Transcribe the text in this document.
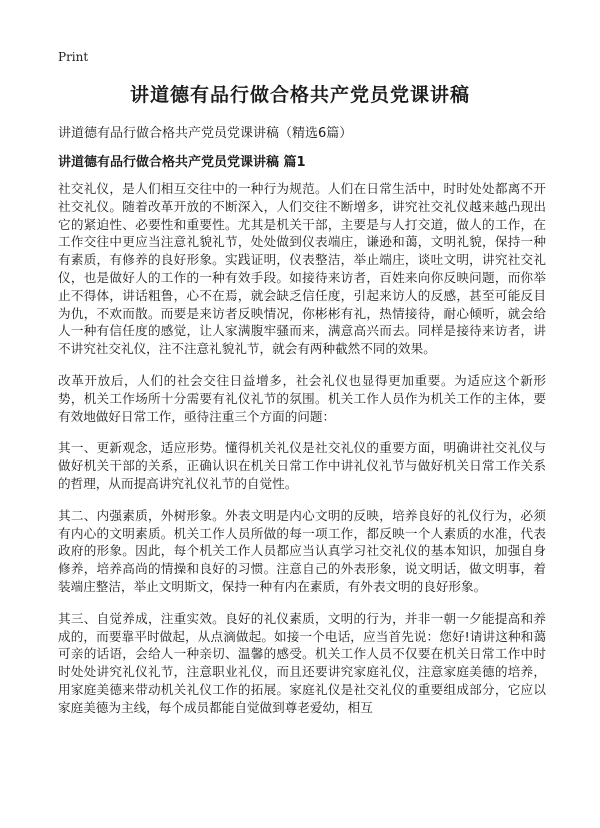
Print
讲道德有品行做合格共产党员党课讲稿

讲道德有品行做合格共产党员党课讲稿（精选6篇）

讲道德有品行做合格共产党员党课讲稿 篇1

社交礼仪，是人们相互交往中的一种行为规范。人们在日常生活中，时时处处都离不开社交礼仪。随着改革开放的不断深入，人们交往不断增多，讲究社交礼仪越来越凸现出它的紧迫性、必要性和重要性。尤其是机关干部，主要是与人打交道，做人的工作，在工作交往中更应当注意礼貌礼节，处处做到仪表端庄，谦逊和蔼，文明礼貌，保持一种有素质，有修养的良好形象。实践证明，仪表整洁，举止端庄，谈吐文明，讲究社交礼仪，也是做好人的工作的一种有效手段。如接待来访者，百姓来向你反映问题，而你举止不得体，讲话粗鲁，心不在焉，就会缺乏信任度，引起来访人的反感，甚至可能反目为仇，不欢而散。而要是来访者反映情况，你彬彬有礼，热情接待，耐心倾听，就会给人一种有信任度的感觉，让人家满腹牢骚而来，满意高兴而去。同样是接待来访者，讲不讲究社交礼仪，注不注意礼貌礼节，就会有两种截然不同的效果。

改革开放后，人们的社会交往日益增多，社会礼仪也显得更加重要。为适应这个新形势，机关工作场所十分需要有礼仪礼节的氛围。机关工作人员作为机关工作的主体，要有效地做好日常工作，亟待注重三个方面的问题：

其一、更新观念，适应形势。懂得机关礼仪是社交礼仪的重要方面，明确讲社交礼仪与做好机关干部的关系，正确认识在机关日常工作中讲礼仪礼节与做好机关日常工作关系的哲理，从而提高讲究礼仪礼节的自觉性。

其二、内强素质，外树形象。外表文明是内心文明的反映，培养良好的礼仪行为，必须有内心的文明素质。机关工作人员所做的每一项工作，都反映一个人素质的水准，代表政府的形象。因此，每个机关工作人员都应当认真学习社交礼仪的基本知识，加强自身修养，培养高尚的情操和良好的习惯。注意自己的外表形象，说文明话，做文明事，着装端庄整洁，举止文明斯文，保持一种有内在素质，有外表文明的良好形象。

其三、自觉养成，注重实效。良好的礼仪素质，文明的行为，并非一朝一夕能提高和养成的，而要靠平时做起，从点滴做起。如接一个电话，应当首先说：您好!请讲这种和蔼可亲的话语，会给人一种亲切、温馨的感受。机关工作人员不仅要在机关日常工作中时时处处讲究礼仪礼节，注意职业礼仪，而且还要讲究家庭礼仪，注意家庭美德的培养，用家庭美德来带动机关礼仪工作的拓展。家庭礼仪是社交礼仪的重要组成部分，它应以家庭美德为主线，每个成员都能自觉做到尊老爱幼，相互
